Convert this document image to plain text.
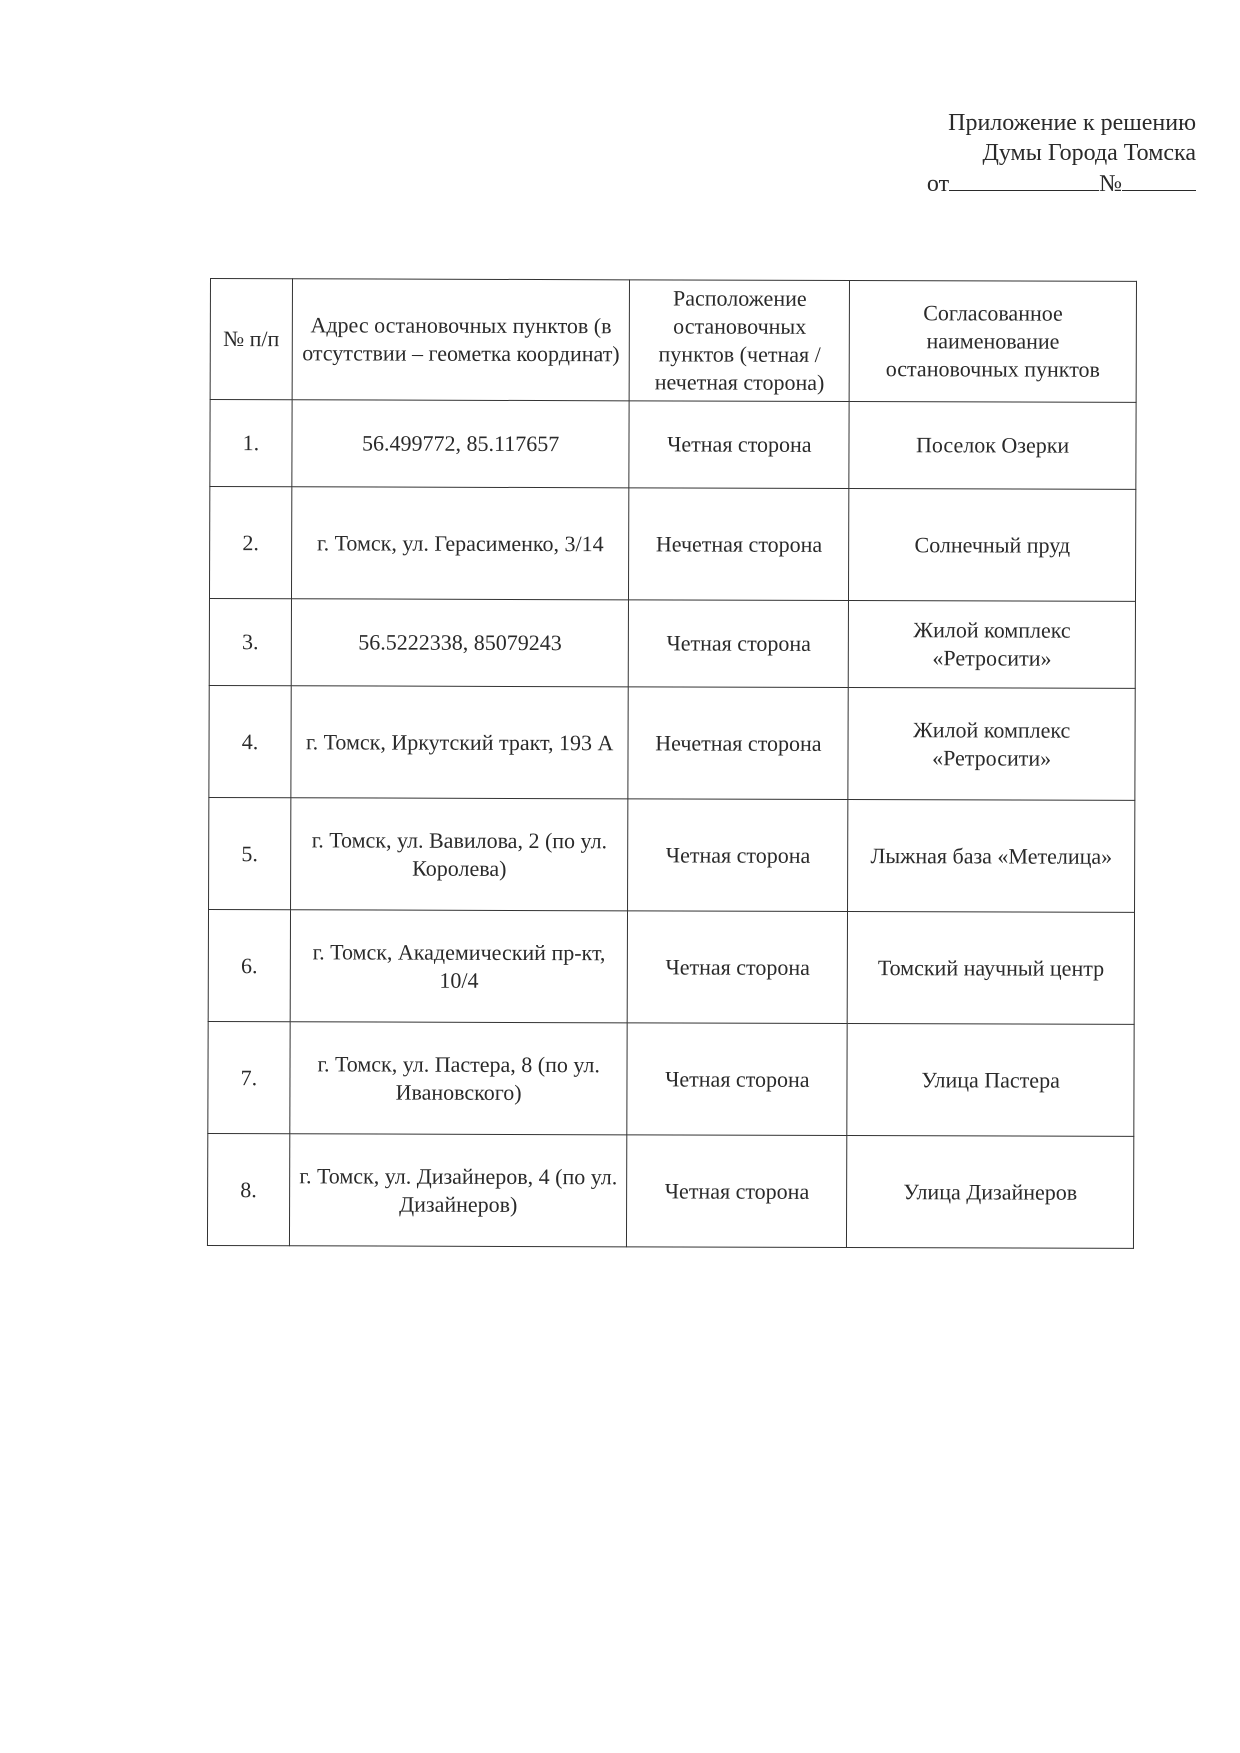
Приложение к решению
Думы Города Томска
от	№
№ п/п	Адрес остановочных пунктов (в отсутствии – геометка координат)	Расположение остановочных пунктов (четная / нечетная сторона)	Согласованное наименование остановочных пунктов
1.	56.499772, 85.117657	Четная сторона	Поселок Озерки
2.	г. Томск, ул. Герасименко, 3/14	Нечетная сторона	Солнечный пруд
3.	56.5222338, 85079243	Четная сторона	Жилой комплекс «Ретросити»
4.	г. Томск, Иркутский тракт, 193 А	Нечетная сторона	Жилой комплекс «Ретросити»
5.	г. Томск, ул. Вавилова, 2 (по ул. Королева)	Четная сторона	Лыжная база «Метелица»
6.	г. Томск, Академический пр-кт, 10/4	Четная сторона	Томский научный центр
7.	г. Томск, ул. Пастера, 8 (по ул. Ивановского)	Четная сторона	Улица Пастера
8.	г. Томск, ул. Дизайнеров, 4 (по ул. Дизайнеров)	Четная сторона	Улица Дизайнеров
